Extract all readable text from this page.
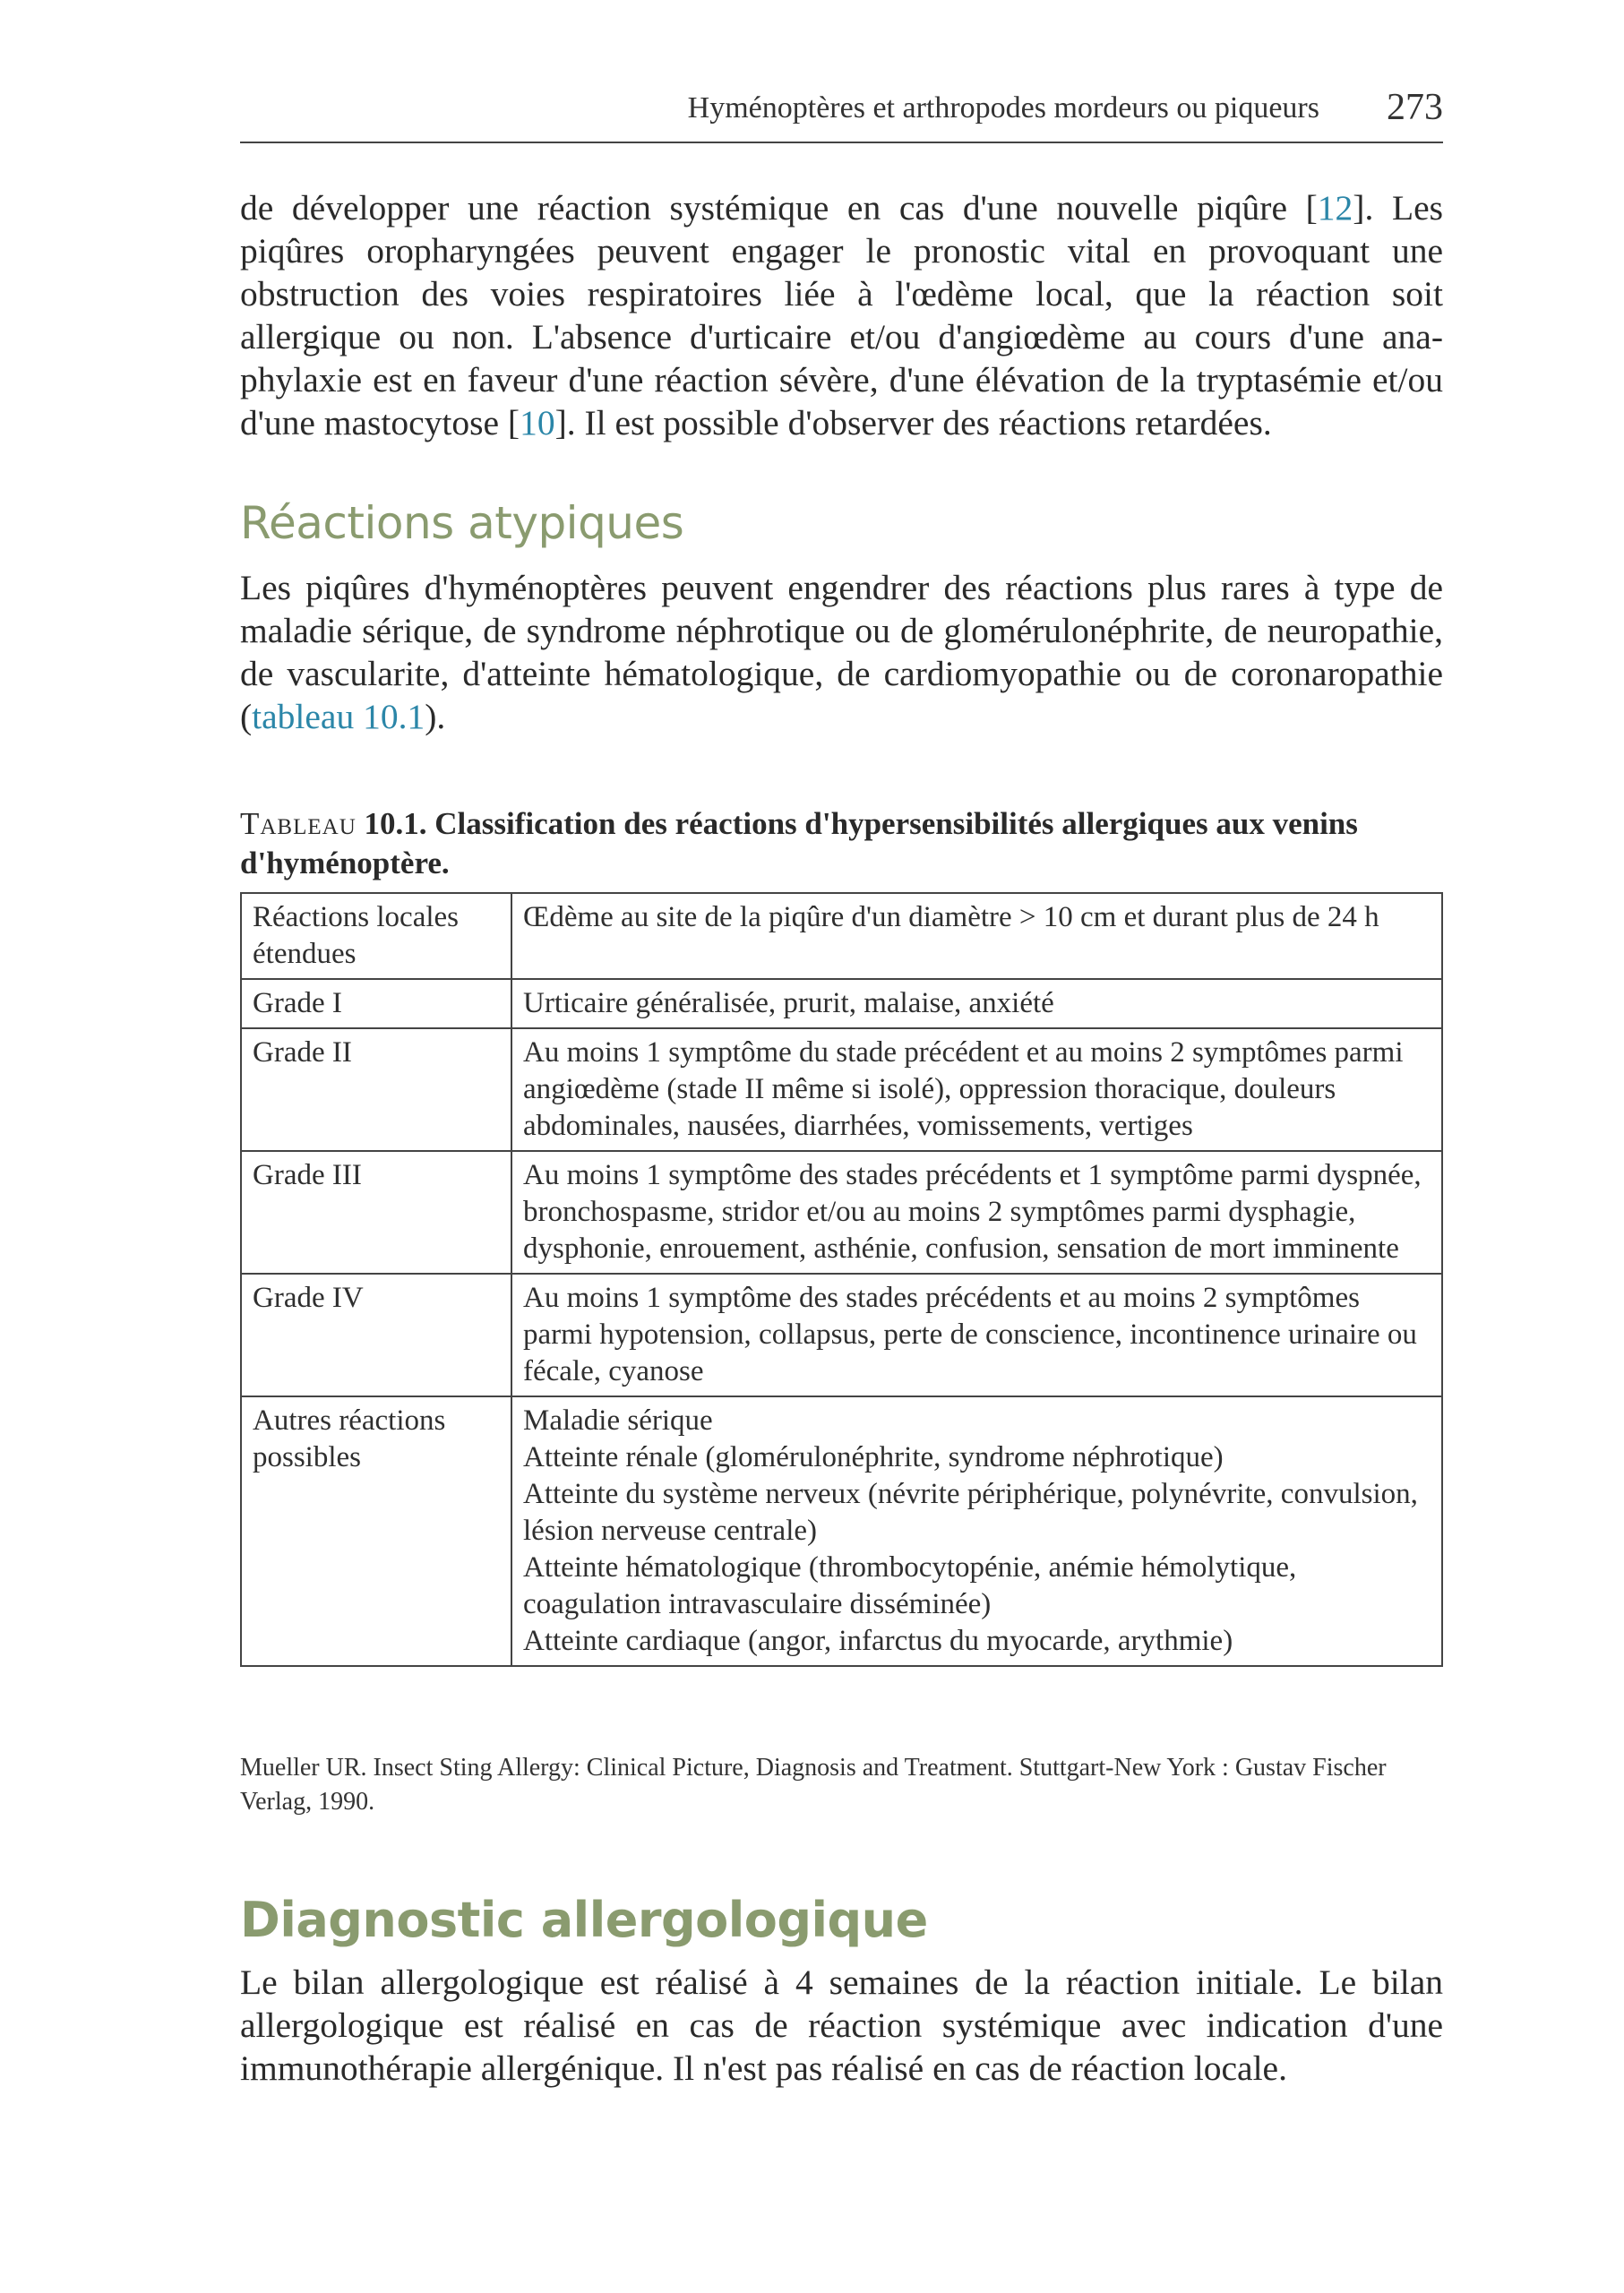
Hyménoptères et arthropodes mordeurs ou piqueurs 273

de développer une réaction systémique en cas d'une nouvelle piqûre [12]. Les piqûres oropharyngées peuvent engager le pronostic vital en provoquant une obstruction des voies respiratoires liée à l'œdème local, que la réaction soit allergique ou non. L'absence d'urticaire et/ou d'angiœdème au cours d'une anaphylaxie est en faveur d'une réaction sévère, d'une élévation de la tryptasémie et/ou d'une mastocytose [10]. Il est possible d'observer des réactions retardées.

Réactions atypiques

Les piqûres d'hyménoptères peuvent engendrer des réactions plus rares à type de maladie sérique, de syndrome néphrotique ou de glomérulonéphrite, de neuropathie, de vascularite, d'atteinte hématologique, de cardiomyopathie ou de coronaropathie (tableau 10.1).

Tableau 10.1. Classification des réactions d'hypersensibilités allergiques aux venins d'hyménoptère.

Réactions locales étendues	Œdème au site de la piqûre d'un diamètre > 10 cm et durant plus de 24 h

Grade I	Urticaire généralisée, prurit, malaise, anxiété

Grade II	Au moins 1 symptôme du stade précédent et au moins 2 symptômes parmi angiœdème (stade II même si isolé), oppression thoracique, douleurs abdominales, nausées, diarrhées, vomissements, vertiges

Grade III	Au moins 1 symptôme des stades précédents et 1 symptôme parmi dyspnée, bronchospasme, stridor et/ou au moins 2 symptômes parmi dysphagie, dysphonie, enrouement, asthénie, confusion, sensation de mort imminente

Grade IV	Au moins 1 symptôme des stades précédents et au moins 2 symptômes parmi hypotension, collapsus, perte de conscience, incontinence urinaire ou fécale, cyanose

Autres réactions possibles	Maladie sérique
Atteinte rénale (glomérulonéphrite, syndrome néphrotique)
Atteinte du système nerveux (névrite périphérique, polynévrite, convulsion, lésion nerveuse centrale)
Atteinte hématologique (thrombocytopénie, anémie hémolytique, coagulation intravasculaire disséminée)
Atteinte cardiaque (angor, infarctus du myocarde, arythmie)

Mueller UR. Insect Sting Allergy: Clinical Picture, Diagnosis and Treatment. Stuttgart-New York : Gustav Fischer Verlag, 1990.

Diagnostic allergologique

Le bilan allergologique est réalisé à 4 semaines de la réaction initiale. Le bilan allergologique est réalisé en cas de réaction systémique avec indication d'une immunothérapie allergénique. Il n'est pas réalisé en cas de réaction locale.
